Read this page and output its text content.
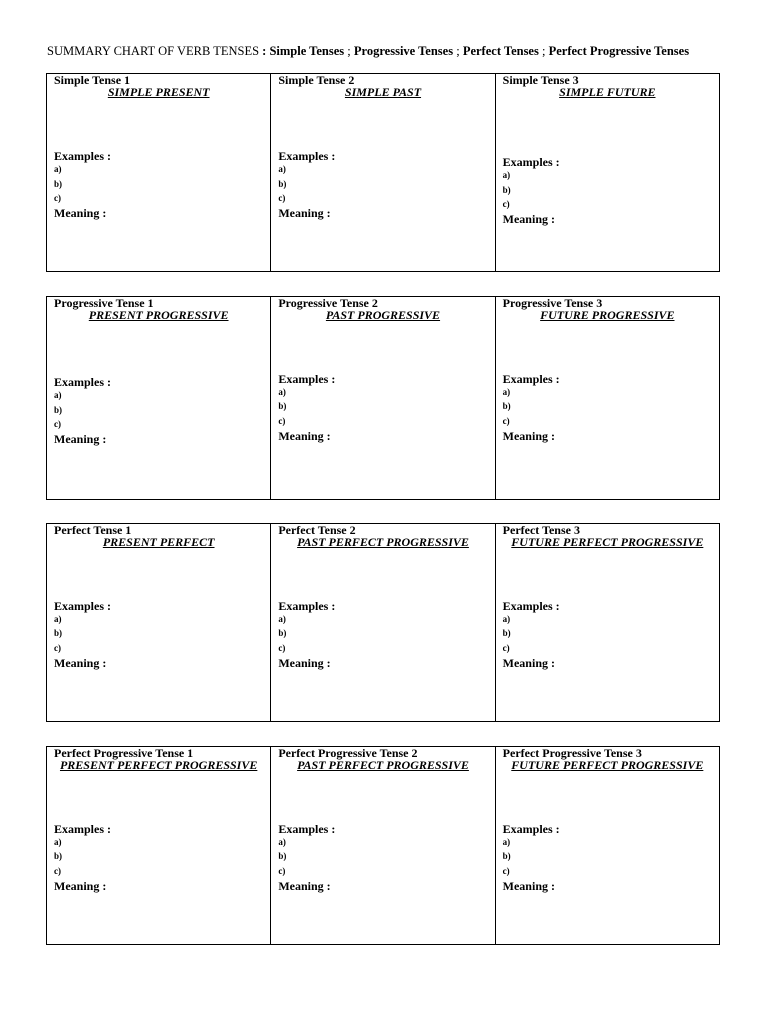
SUMMARY CHART OF VERB TENSES : Simple Tenses ; Progressive Tenses ; Perfect Tenses ; Perfect Progressive Tenses
Simple Tense 1
SIMPLE PRESENT
Examples :
a)
b)
c)
Meaning :
Simple Tense 2
SIMPLE PAST
Examples :
a)
b)
c)
Meaning :
Simple Tense 3
SIMPLE FUTURE
Examples :
a)
b)
c)
Meaning :
Progressive Tense 1
PRESENT PROGRESSIVE
Examples :
a)
b)
c)
Meaning :
Progressive Tense 2
PAST PROGRESSIVE
Examples :
a)
b)
c)
Meaning :
Progressive Tense 3
FUTURE PROGRESSIVE
Examples :
a)
b)
c)
Meaning :
Perfect Tense 1
PRESENT PERFECT
Examples :
a)
b)
c)
Meaning :
Perfect Tense 2
PAST PERFECT PROGRESSIVE
Examples :
a)
b)
c)
Meaning :
Perfect Tense 3
FUTURE PERFECT PROGRESSIVE
Examples :
a)
b)
c)
Meaning :
Perfect Progressive Tense 1
PRESENT PERFECT PROGRESSIVE
Examples :
a)
b)
c)
Meaning :
Perfect Progressive Tense 2
PAST PERFECT PROGRESSIVE
Examples :
a)
b)
c)
Meaning :
Perfect Progressive Tense 3
FUTURE PERFECT PROGRESSIVE
Examples :
a)
b)
c)
Meaning :
